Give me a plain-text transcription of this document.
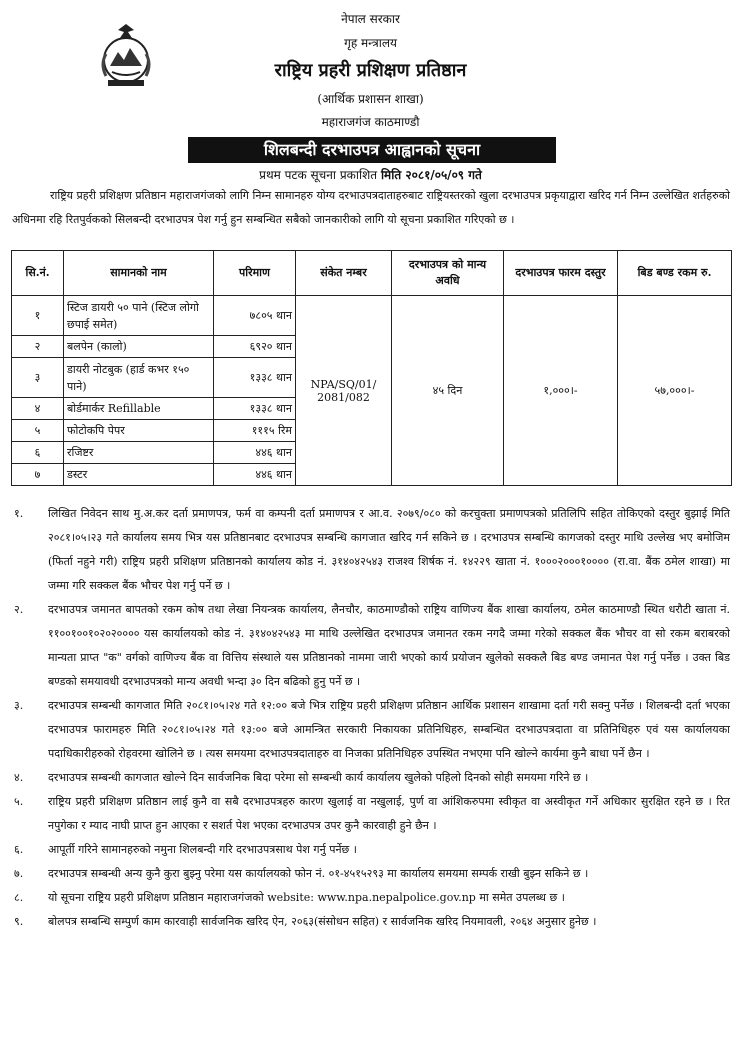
नेपाल सरकार
गृह मन्त्रालय
राष्ट्रिय प्रहरी प्रशिक्षण प्रतिष्ठान
(आर्थिक प्रशासन शाखा)
महाराजगंज काठमाण्डौ
शिलबन्दी दरभाउपत्र आह्वानको सूचना
प्रथम पटक सूचना प्रकाशित मिति २०८१/०५/०९ गते
राष्ट्रिय प्रहरी प्रशिक्षण प्रतिष्ठान महाराजगंजको लागि निम्न सामानहरु योग्य दरभाउपत्रदाताहरुबाट राष्ट्रियस्तरको खुला दरभाउपत्र प्रकृयाद्वारा खरिद गर्न निम्न उल्लेखित शर्तहरुको अधिनमा रहि रितपुर्वकको सिलबन्दी दरभाउपत्र पेश गर्नु हुन सम्बन्धित सबैको जानकारीको लागि यो सूचना प्रकाशित गरिएको छ ।
सि.नं.	सामानको नाम	परिमाण	संकेत नम्बर	दरभाउपत्र को मान्य अवधि	दरभाउपत्र फारम दस्तुर	बिड बण्ड रकम रु.
१	स्टिज डायरी ५० पाने (स्टिज लोगो छपाई समेत)	७८०५ थान	NPA/SQ/01/ 2081/082	४५ दिन	१,०००।-	५७,०००।-
२	बलपेन (कालो)	६९२० थान				
३	डायरी नोटबुक (हार्ड कभर १५० पाने)	१३३८ थान				
४	बोर्डमार्कर Refillable	१३३८ थान				
५	फोटोकपि पेपर	१११५ रिम				
६	रजिष्टर	४४६ थान				
७	डस्टर	४४६ थान				
१. लिखित निवेदन साथ मु.अ.कर दर्ता प्रमाणपत्र, फर्म वा कम्पनी दर्ता प्रमाणपत्र र आ.व. २०७९/०८० को करचुक्ता प्रमाणपत्रको प्रतिलिपि सहित तोकिएको दस्तुर बुझाई मिति २०८१।०५।२३ गते कार्यालय समय भित्र यस प्रतिष्ठानबाट दरभाउपत्र सम्बन्धि कागजात खरिद गर्न सकिने छ । दरभाउपत्र सम्बन्धि कागजको दस्तुर माथि उल्लेख भए बमोजिम (फिर्ता नहुने गरी) राष्ट्रिय प्रहरी प्रशिक्षण प्रतिष्ठानको कार्यालय कोड नं. ३१४०४२५४३ राजश्व शिर्षक नं. १४२२९ खाता नं. १०००२०००१०००० (रा.वा. बैंक ठमेल शाखा) मा जम्मा गरि सक्कल बैंक भौचर पेश गर्नु पर्ने छ ।
२. दरभाउपत्र जमानत बापतको रकम कोष तथा लेखा नियन्त्रक कार्यालय, लैनचौर, काठमाण्डौको राष्ट्रिय वाणिज्य बैंक शाखा कार्यालय, ठमेल काठमाण्डौ स्थित धरौटी खाता नं. ११००१००१०२०२०००० यस कार्यालयको कोड नं. ३१४०४२५४३ मा माथि उल्लेखित दरभाउपत्र जमानत रकम नगदै जम्मा गरेको सक्कल बैंक भौचर वा सो रकम बराबरको मान्यता प्राप्त "क" वर्गको वाणिज्य बैंक वा वित्तिय संस्थाले यस प्रतिष्ठानको नाममा जारी भएको कार्य प्रयोजन खुलेको सक्कलै बिड बण्ड जमानत पेश गर्नु पर्नेछ । उक्त बिड बण्डको समयावधी दरभाउपत्रको मान्य अवधी भन्दा ३० दिन बढिको हुनु पर्ने छ ।
३. दरभाउपत्र सम्बन्धी कागजात मिति २०८१।०५।२४ गते १२:०० बजे भित्र राष्ट्रिय प्रहरी प्रशिक्षण प्रतिष्ठान आर्थिक प्रशासन शाखामा दर्ता गरी सक्नु पर्नेछ । शिलबन्दी दर्ता भएका दरभाउपत्र फारामहरु मिति २०८१।०५।२४ गते १३:०० बजे आमन्त्रित सरकारी निकायका प्रतिनिधिहरु, सम्बन्धित दरभाउपत्रदाता वा प्रतिनिधिहरु एवं यस कार्यालयका पदाधिकारीहरुको रोहवरमा खोलिने छ । त्यस समयमा दरभाउपत्रदाताहरु वा निजका प्रतिनिधिहरु उपस्थित नभएमा पनि खोल्ने कार्यमा कुनै बाधा पर्ने छैन ।
४. दरभाउपत्र सम्बन्धी कागजात खोल्ने दिन सार्वजनिक बिदा परेमा सो सम्बन्धी कार्य कार्यालय खुलेको पहिलो दिनको सोही समयमा गरिने छ ।
५. राष्ट्रिय प्रहरी प्रशिक्षण प्रतिष्ठान लाई कुनै वा सबै दरभाउपत्रहरु कारण खुलाई वा नखुलाई, पुर्ण वा आंशिकरुपमा स्वीकृत वा अस्वीकृत गर्ने अधिकार सुरक्षित रहने छ । रित नपुगेका र म्याद नाघी प्राप्त हुन आएका र सशर्त पेश भएका दरभाउपत्र उपर कुनै कारवाही हुने छैन ।
६. आपूर्ती गरिने सामानहरुको नमुना शिलबन्दी गरि दरभाउपत्रसाथ पेश गर्नु पर्नेछ ।
७. दरभाउपत्र सम्बन्धी अन्य कुनै कुरा बुझ्नु परेमा यस कार्यालयको फोन नं. ०१-४५१५२९३ मा कार्यालय समयमा सम्पर्क राखी बुझ्न सकिने छ ।
८. यो सूचना राष्ट्रिय प्रहरी प्रशिक्षण प्रतिष्ठान महाराजगंजको website: www.npa.nepalpolice.gov.np मा समेत उपलब्ध छ ।
९. बोलपत्र सम्बन्धि सम्पुर्ण काम कारवाही सार्वजनिक खरिद ऐन, २०६३(संसोधन सहित) र सार्वजनिक खरिद नियमावली, २०६४ अनुसार हुनेछ ।
